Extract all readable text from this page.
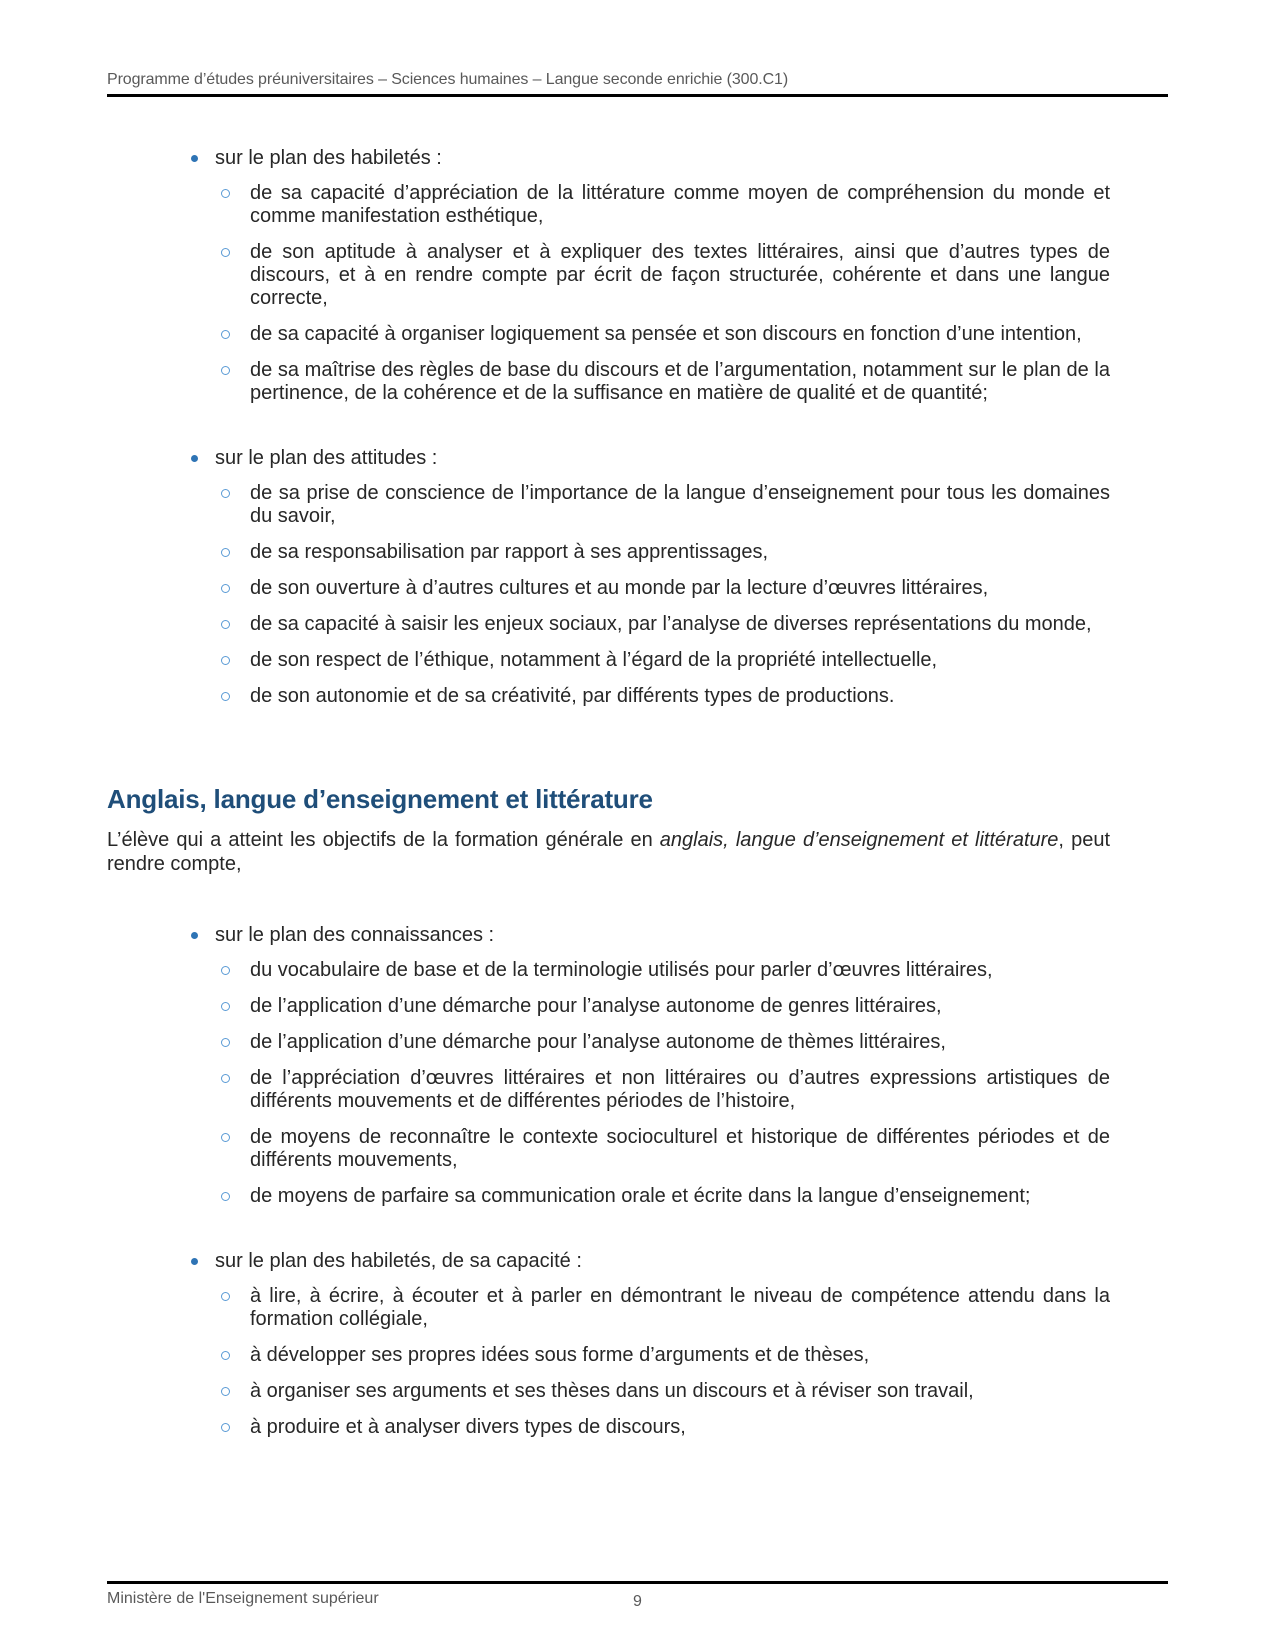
Programme d’études préuniversitaires – Sciences humaines – Langue seconde enrichie (300.C1)
sur le plan des habiletés :
de sa capacité d’appréciation de la littérature comme moyen de compréhension du monde et comme manifestation esthétique,
de son aptitude à analyser et à expliquer des textes littéraires, ainsi que d’autres types de discours, et à en rendre compte par écrit de façon structurée, cohérente et dans une langue correcte,
de sa capacité à organiser logiquement sa pensée et son discours en fonction d’une intention,
de sa maîtrise des règles de base du discours et de l’argumentation, notamment sur le plan de la pertinence, de la cohérence et de la suffisance en matière de qualité et de quantité;
sur le plan des attitudes :
de sa prise de conscience de l’importance de la langue d’enseignement pour tous les domaines du savoir,
de sa responsabilisation par rapport à ses apprentissages,
de son ouverture à d’autres cultures et au monde par la lecture d’œuvres littéraires,
de sa capacité à saisir les enjeux sociaux, par l’analyse de diverses représentations du monde,
de son respect de l’éthique, notamment à l’égard de la propriété intellectuelle,
de son autonomie et de sa créativité, par différents types de productions.
Anglais, langue d’enseignement et littérature

L’élève qui a atteint les objectifs de la formation générale en anglais, langue d’enseignement et littérature, peut rendre compte,

sur le plan des connaissances :
du vocabulaire de base et de la terminologie utilisés pour parler d’œuvres littéraires,
de l’application d’une démarche pour l’analyse autonome de genres littéraires,
de l’application d’une démarche pour l’analyse autonome de thèmes littéraires,
de l’appréciation d’œuvres littéraires et non littéraires ou d’autres expressions artistiques de différents mouvements et de différentes périodes de l’histoire,
de moyens de reconnaître le contexte socioculturel et historique de différentes périodes et de différents mouvements,
de moyens de parfaire sa communication orale et écrite dans la langue d’enseignement;
sur le plan des habiletés, de sa capacité :
à lire, à écrire, à écouter et à parler en démontrant le niveau de compétence attendu dans la formation collégiale,
à développer ses propres idées sous forme d’arguments et de thèses,
à organiser ses arguments et ses thèses dans un discours et à réviser son travail,
à produire et à analyser divers types de discours,
Ministère de l'Enseignement supérieur	9
